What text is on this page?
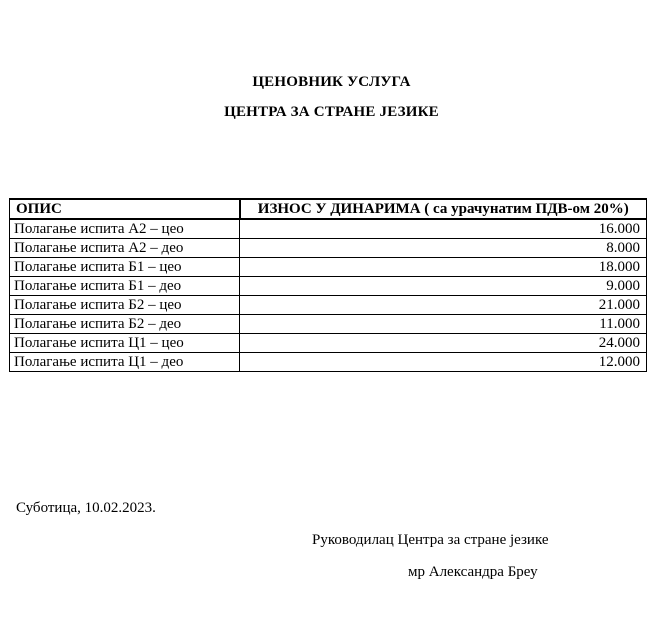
ЦЕНОВНИК УСЛУГА
ЦЕНТРА ЗА СТРАНЕ ЈЕЗИКЕ
ОПИС	ИЗНОС У ДИНАРИМА ( са урачунатим ПДВ-ом 20%)
Полагање испита А2 – цео	16.000
Полагање испита А2 – део	8.000
Полагање испита Б1 – цео	18.000
Полагање испита Б1 – део	9.000
Полагање испита Б2 – цео	21.000
Полагање испита Б2 – део	11.000
Полагање испита Ц1 – цео	24.000
Полагање испита Ц1 – део	12.000
Суботица, 10.02.2023.
Руководилац Центра за стране језике
мр Александра Бреу
